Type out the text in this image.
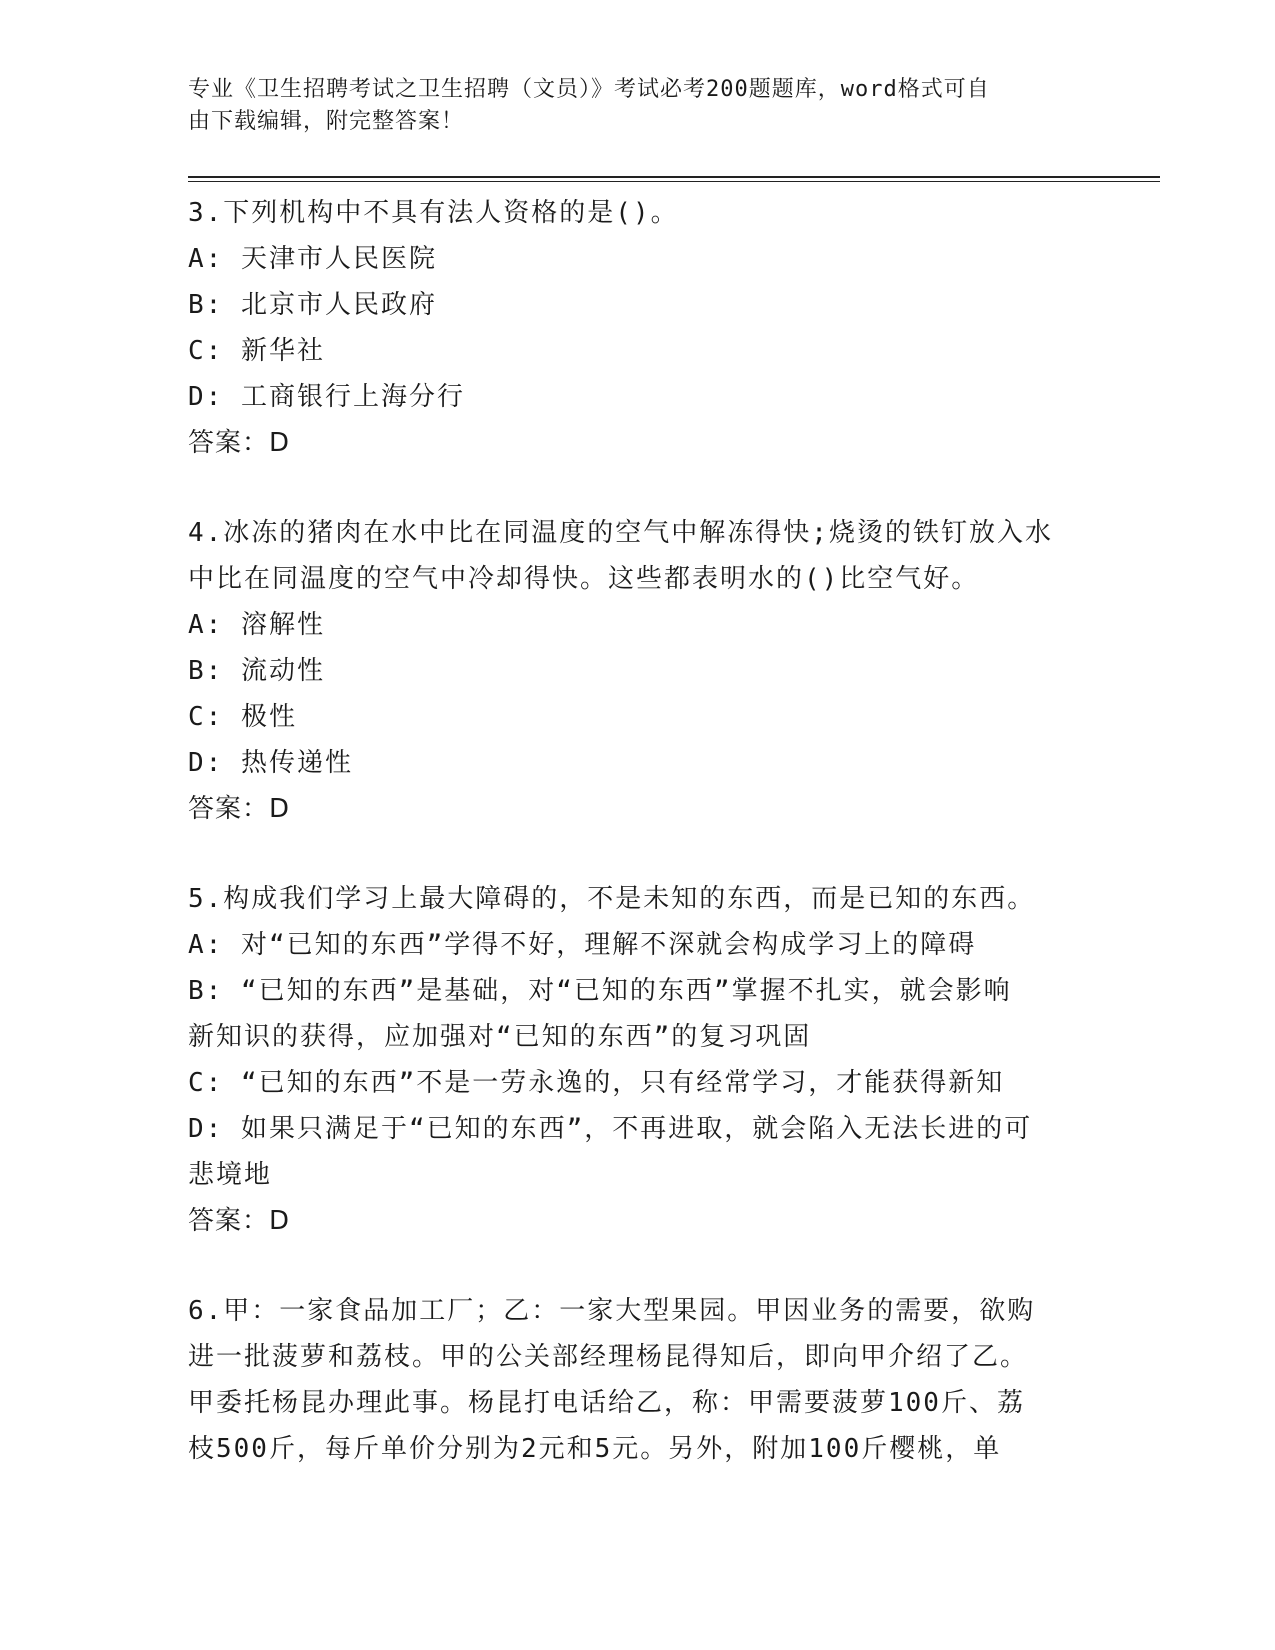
专业《卫生招聘考试之卫生招聘（文员）》考试必考200题题库，word格式可自
由下载编辑，附完整答案！
3.下列机构中不具有法人资格的是()。
A: 天津市人民医院
B: 北京市人民政府
C: 新华社
D: 工商银行上海分行
答案：D
4.冰冻的猪肉在水中比在同温度的空气中解冻得快;烧烫的铁钉放入水
中比在同温度的空气中冷却得快。这些都表明水的()比空气好。
A: 溶解性
B: 流动性
C: 极性
D: 热传递性
答案：D
5.构成我们学习上最大障碍的，不是未知的东西，而是已知的东西。
A: 对“已知的东西”学得不好，理解不深就会构成学习上的障碍
B: “已知的东西”是基础，对“已知的东西”掌握不扎实，就会影响
新知识的获得，应加强对“已知的东西”的复习巩固
C: “已知的东西”不是一劳永逸的，只有经常学习，才能获得新知
D: 如果只满足于“已知的东西”，不再进取，就会陷入无法长进的可
悲境地
答案：D
6.甲：一家食品加工厂；乙：一家大型果园。甲因业务的需要，欲购
进一批菠萝和荔枝。甲的公关部经理杨昆得知后，即向甲介绍了乙。
甲委托杨昆办理此事。杨昆打电话给乙，称：甲需要菠萝100斤、荔
枝500斤，每斤单价分别为2元和5元。另外，附加100斤樱桃，单
